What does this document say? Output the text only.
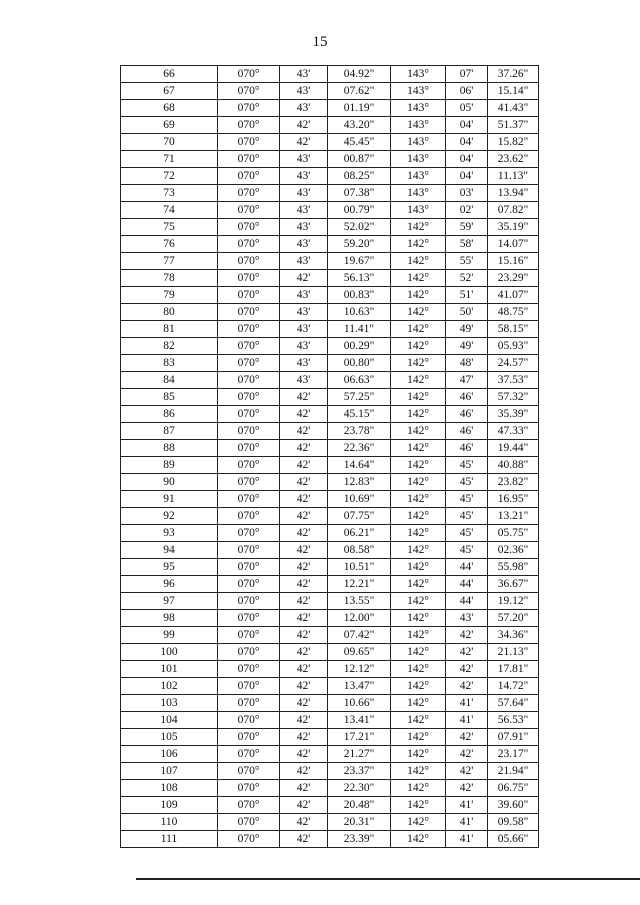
15
66	070°	43'	04.92"	143°	07'	37.26"
67	070°	43'	07.62"	143°	06'	15.14"
68	070°	43'	01.19"	143°	05'	41.43"
69	070°	42'	43.20"	143°	04'	51.37"
70	070°	42'	45.45"	143°	04'	15.82"
71	070°	43'	00.87"	143°	04'	23.62"
72	070°	43'	08.25"	143°	04'	11.13"
73	070°	43'	07.38"	143°	03'	13.94"
74	070°	43'	00.79"	143°	02'	07.82"
75	070°	43'	52.02"	142°	59'	35.19"
76	070°	43'	59.20"	142°	58'	14.07"
77	070°	43'	19.67"	142°	55'	15.16"
78	070°	42'	56.13"	142°	52'	23.29"
79	070°	43'	00.83"	142°	51'	41.07"
80	070°	43'	10.63"	142°	50'	48.75"
81	070°	43'	11.41"	142°	49'	58.15"
82	070°	43'	00.29"	142°	49'	05.93"
83	070°	43'	00.80"	142°	48'	24.57"
84	070°	43'	06.63"	142°	47'	37.53"
85	070°	42'	57.25"	142°	46'	57.32"
86	070°	42'	45.15"	142°	46'	35.39"
87	070°	42'	23.78"	142°	46'	47.33"
88	070°	42'	22.36"	142°	46'	19.44"
89	070°	42'	14.64"	142°	45'	40.88"
90	070°	42'	12.83"	142°	45'	23.82"
91	070°	42'	10.69"	142°	45'	16.95"
92	070°	42'	07.75"	142°	45'	13.21"
93	070°	42'	06.21"	142°	45'	05.75"
94	070°	42'	08.58"	142°	45'	02.36"
95	070°	42'	10.51"	142°	44'	55.98"
96	070°	42'	12.21"	142°	44'	36.67"
97	070°	42'	13.55"	142°	44'	19.12"
98	070°	42'	12.00"	142°	43'	57.20"
99	070°	42'	07.42"	142°	42'	34.36"
100	070°	42'	09.65"	142°	42'	21.13"
101	070°	42'	12.12"	142°	42'	17.81"
102	070°	42'	13.47"	142°	42'	14.72"
103	070°	42'	10.66"	142°	41'	57.64"
104	070°	42'	13.41"	142°	41'	56.53"
105	070°	42'	17.21"	142°	42'	07.91"
106	070°	42'	21.27"	142°	42'	23.17"
107	070°	42'	23.37"	142°	42'	21.94"
108	070°	42'	22.30"	142°	42'	06.75"
109	070°	42'	20.48"	142°	41'	39.60"
110	070°	42'	20.31"	142°	41'	09.58"
111	070°	42'	23.39"	142°	41'	05.66"
